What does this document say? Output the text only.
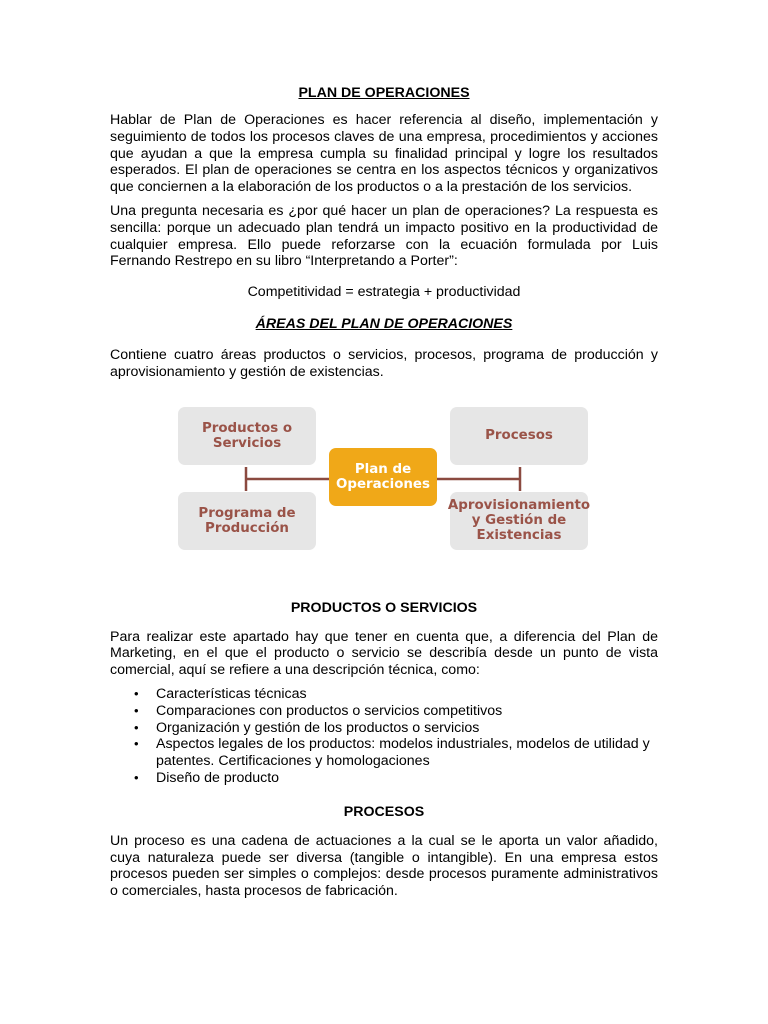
PLAN DE OPERACIONES

Hablar de Plan de Operaciones es hacer referencia al diseño, implementación y seguimiento de todos los procesos claves de una empresa, procedimientos y acciones que ayudan a que la empresa cumpla su finalidad principal y logre los resultados esperados. El plan de operaciones se centra en los aspectos técnicos y organizativos que conciernen a la elaboración de los productos o a la prestación de los servicios.

Una pregunta necesaria es ¿por qué hacer un plan de operaciones? La respuesta es sencilla: porque un adecuado plan tendrá un impacto positivo en la productividad de cualquier empresa. Ello puede reforzarse con la ecuación formulada por Luis Fernando Restrepo en su libro “Interpretando a Porter”:

Competitividad = estrategia + productividad
ÁREAS DEL PLAN DE OPERACIONES

Contiene cuatro áreas productos o servicios, procesos, programa de producción y aprovisionamiento y gestión de existencias.

Productos o Servicios	Procesos
Plan de Operaciones
Programa de Producción
Aprovisionamiento y Gestión de Existencias
PRODUCTOS O SERVICIOS

Para realizar este apartado hay que tener en cuenta que, a diferencia del Plan de Marketing, en el que el producto o servicio se describía desde un punto de vista comercial, aquí se refiere a una descripción técnica, como:

• Características técnicas
• Comparaciones con productos o servicios competitivos
• Organización y gestión de los productos o servicios
• Aspectos legales de los productos: modelos industriales, modelos de utilidad y patentes. Certificaciones y homologaciones
• Diseño de producto
PROCESOS

Un proceso es una cadena de actuaciones a la cual se le aporta un valor añadido, cuya naturaleza puede ser diversa (tangible o intangible). En una empresa estos procesos pueden ser simples o complejos: desde procesos puramente administrativos o comerciales, hasta procesos de fabricación.
